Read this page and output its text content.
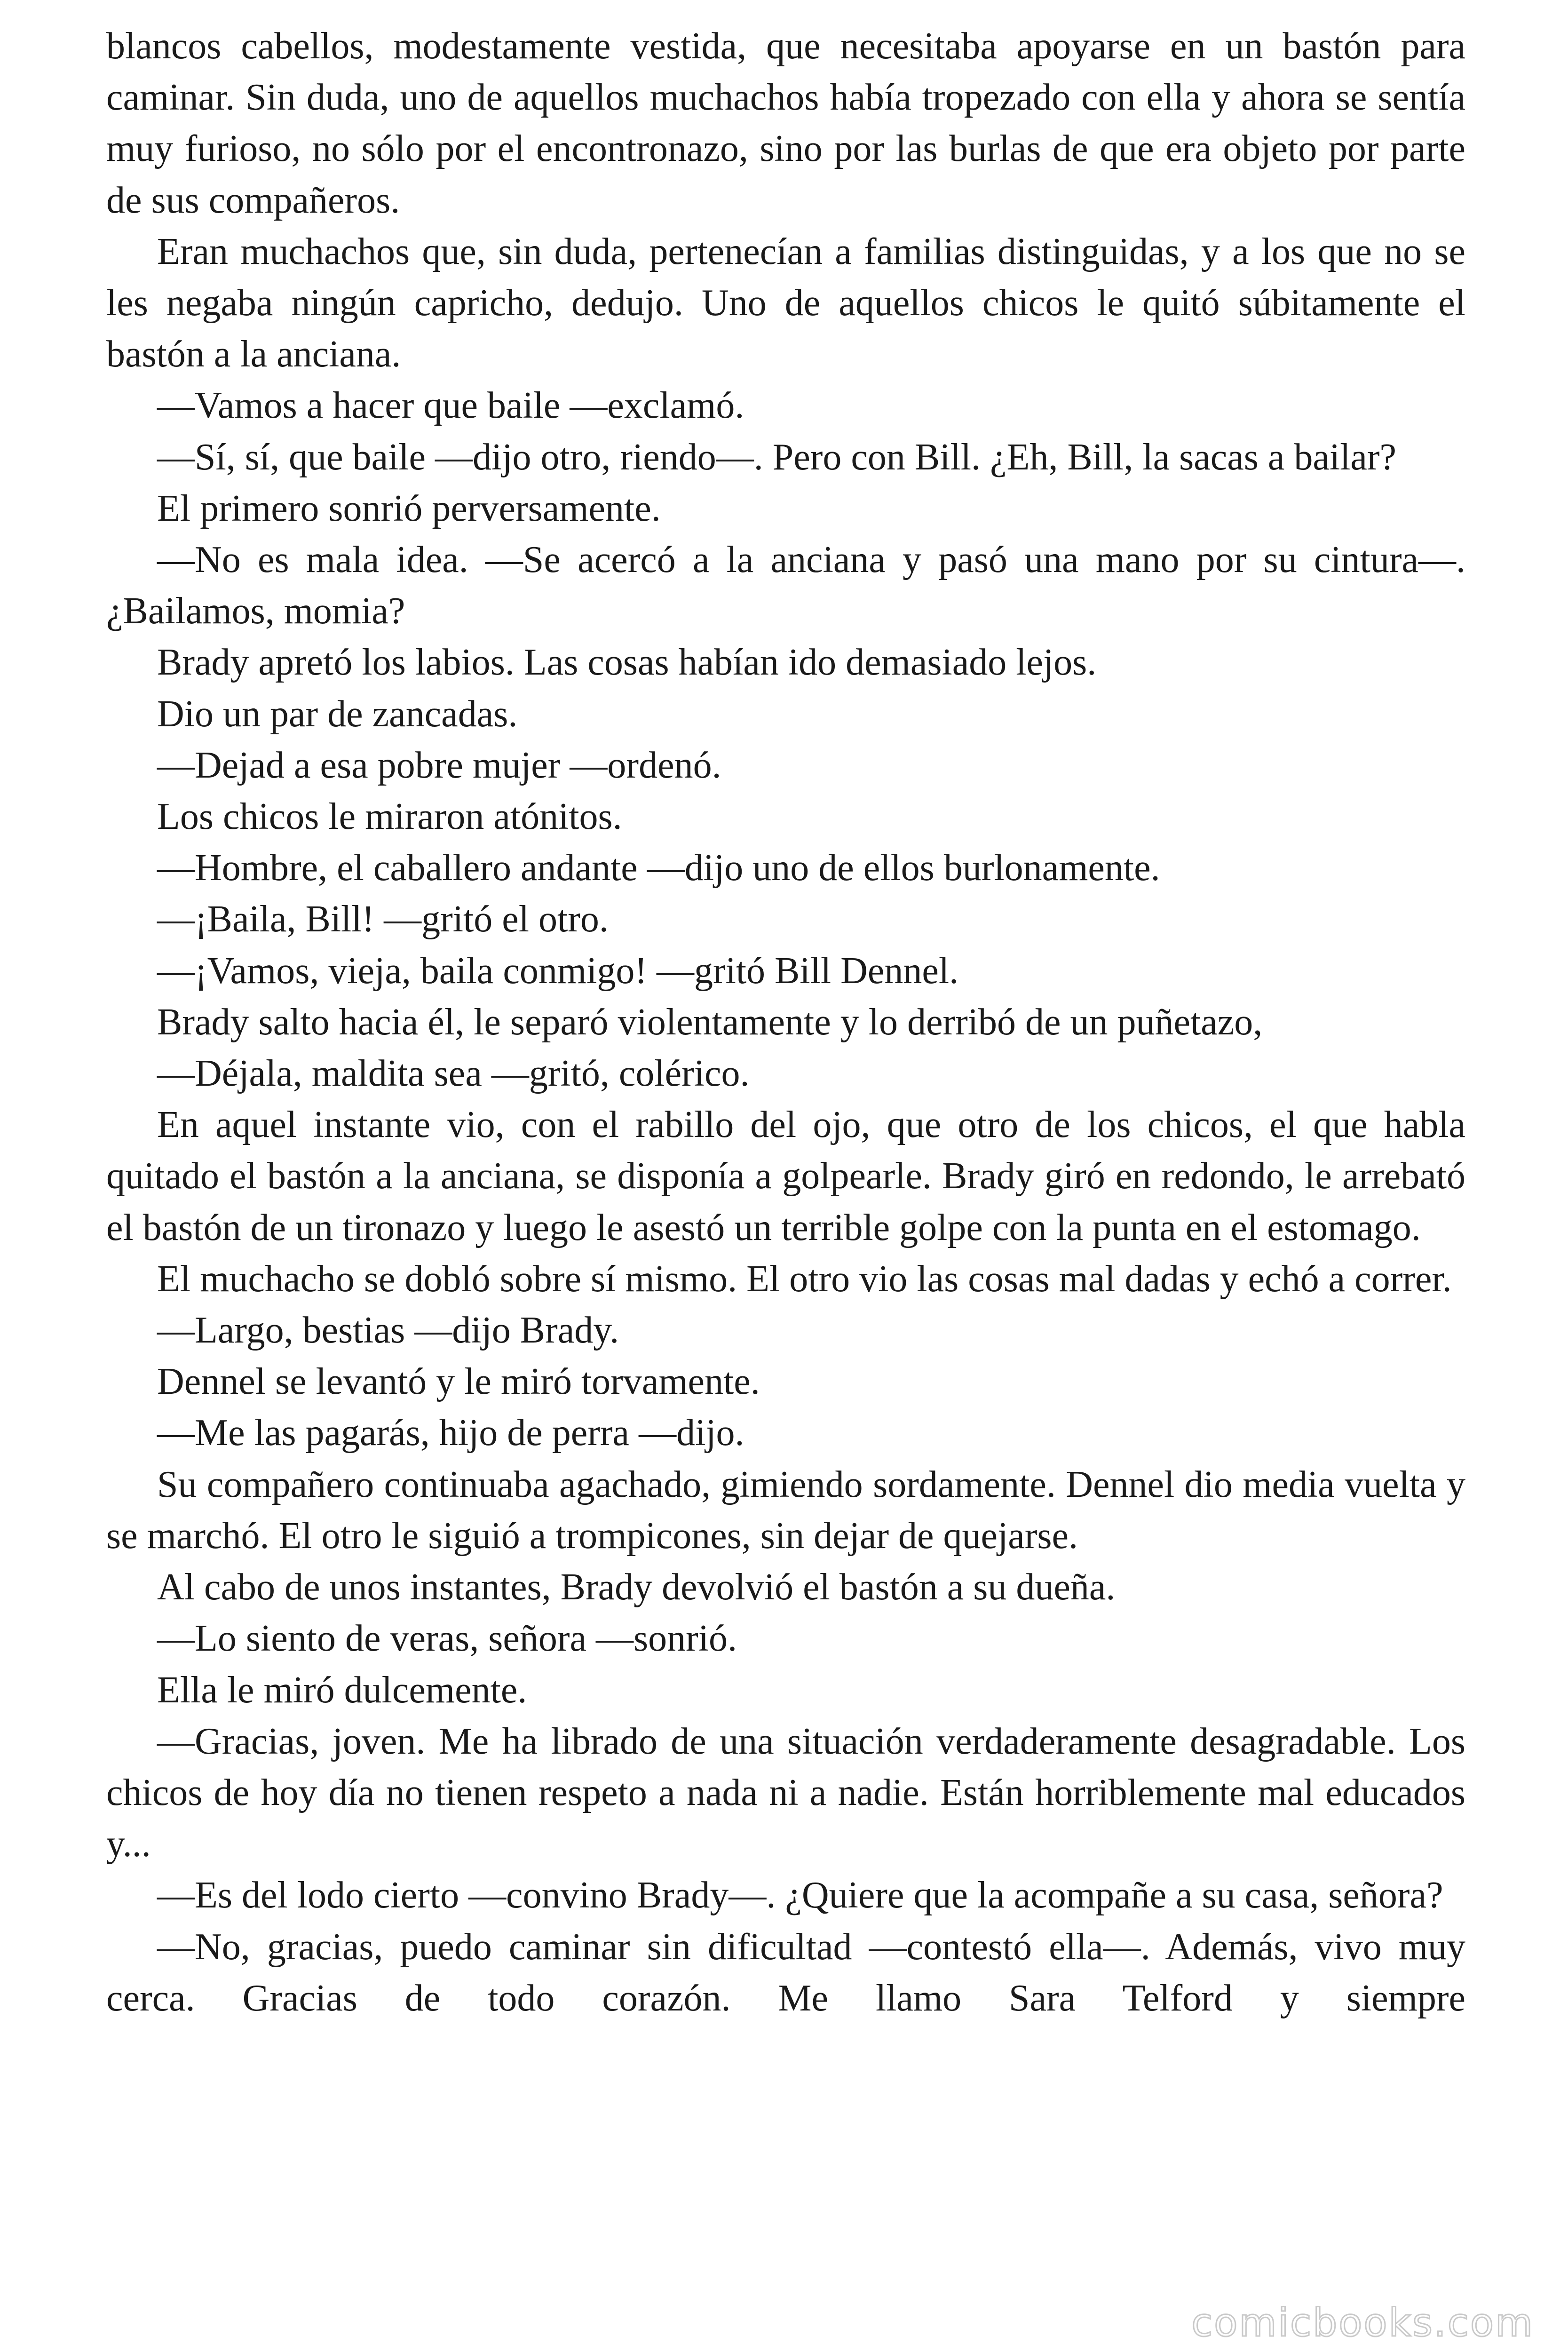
blancos cabellos, modestamente vestida, que necesitaba apoyarse en un bastón para caminar. Sin duda, uno de aquellos muchachos había tropezado con ella y ahora se sentía muy furioso, no sólo por el encontronazo, sino por las burlas de que era objeto por parte de sus compañeros.

Eran muchachos que, sin duda, pertenecían a familias distinguidas, y a los que no se les negaba ningún capricho, dedujo. Uno de aquellos chicos le quitó súbitamente el bastón a la anciana.

—Vamos a hacer que baile —exclamó.

—Sí, sí, que baile —dijo otro, riendo—. Pero con Bill. ¿Eh, Bill, la sacas a bailar?

El primero sonrió perversamente.

—No es mala idea. —Se acercó a la anciana y pasó una mano por su cintura—. ¿Bailamos, momia?

Brady apretó los labios. Las cosas habían ido demasiado lejos.

Dio un par de zancadas.

—Dejad a esa pobre mujer —ordenó.

Los chicos le miraron atónitos.

—Hombre, el caballero andante —dijo uno de ellos burlonamente.

—¡Baila, Bill! —gritó el otro.

—¡Vamos, vieja, baila conmigo! —gritó Bill Dennel.

Brady salto hacia él, le separó violentamente y lo derribó de un puñetazo,

—Déjala, maldita sea —gritó, colérico.

En aquel instante vio, con el rabillo del ojo, que otro de los chicos, el que habla quitado el bastón a la anciana, se disponía a golpearle. Brady giró en redondo, le arrebató el bastón de un tironazo y luego le asestó un terrible golpe con la punta en el estomago.

El muchacho se dobló sobre sí mismo. El otro vio las cosas mal dadas y echó a correr.

—Largo, bestias —dijo Brady.

Dennel se levantó y le miró torvamente.

—Me las pagarás, hijo de perra —dijo.

Su compañero continuaba agachado, gimiendo sordamente. Dennel dio media vuelta y se marchó. El otro le siguió a trompicones, sin dejar de quejarse.

Al cabo de unos instantes, Brady devolvió el bastón a su dueña.

—Lo siento de veras, señora —sonrió.

Ella le miró dulcemente.

—Gracias, joven. Me ha librado de una situación verdaderamente desagradable. Los chicos de hoy día no tienen respeto a nada ni a nadie. Están horriblemente mal educados y...

—Es del lodo cierto —convino Brady—. ¿Quiere que la acompañe a su casa, señora?

—No, gracias, puedo caminar sin dificultad —contestó ella—. Además, vivo muy cerca. Gracias de todo corazón. Me llamo Sara Telford y siempre

comicbooks.com
